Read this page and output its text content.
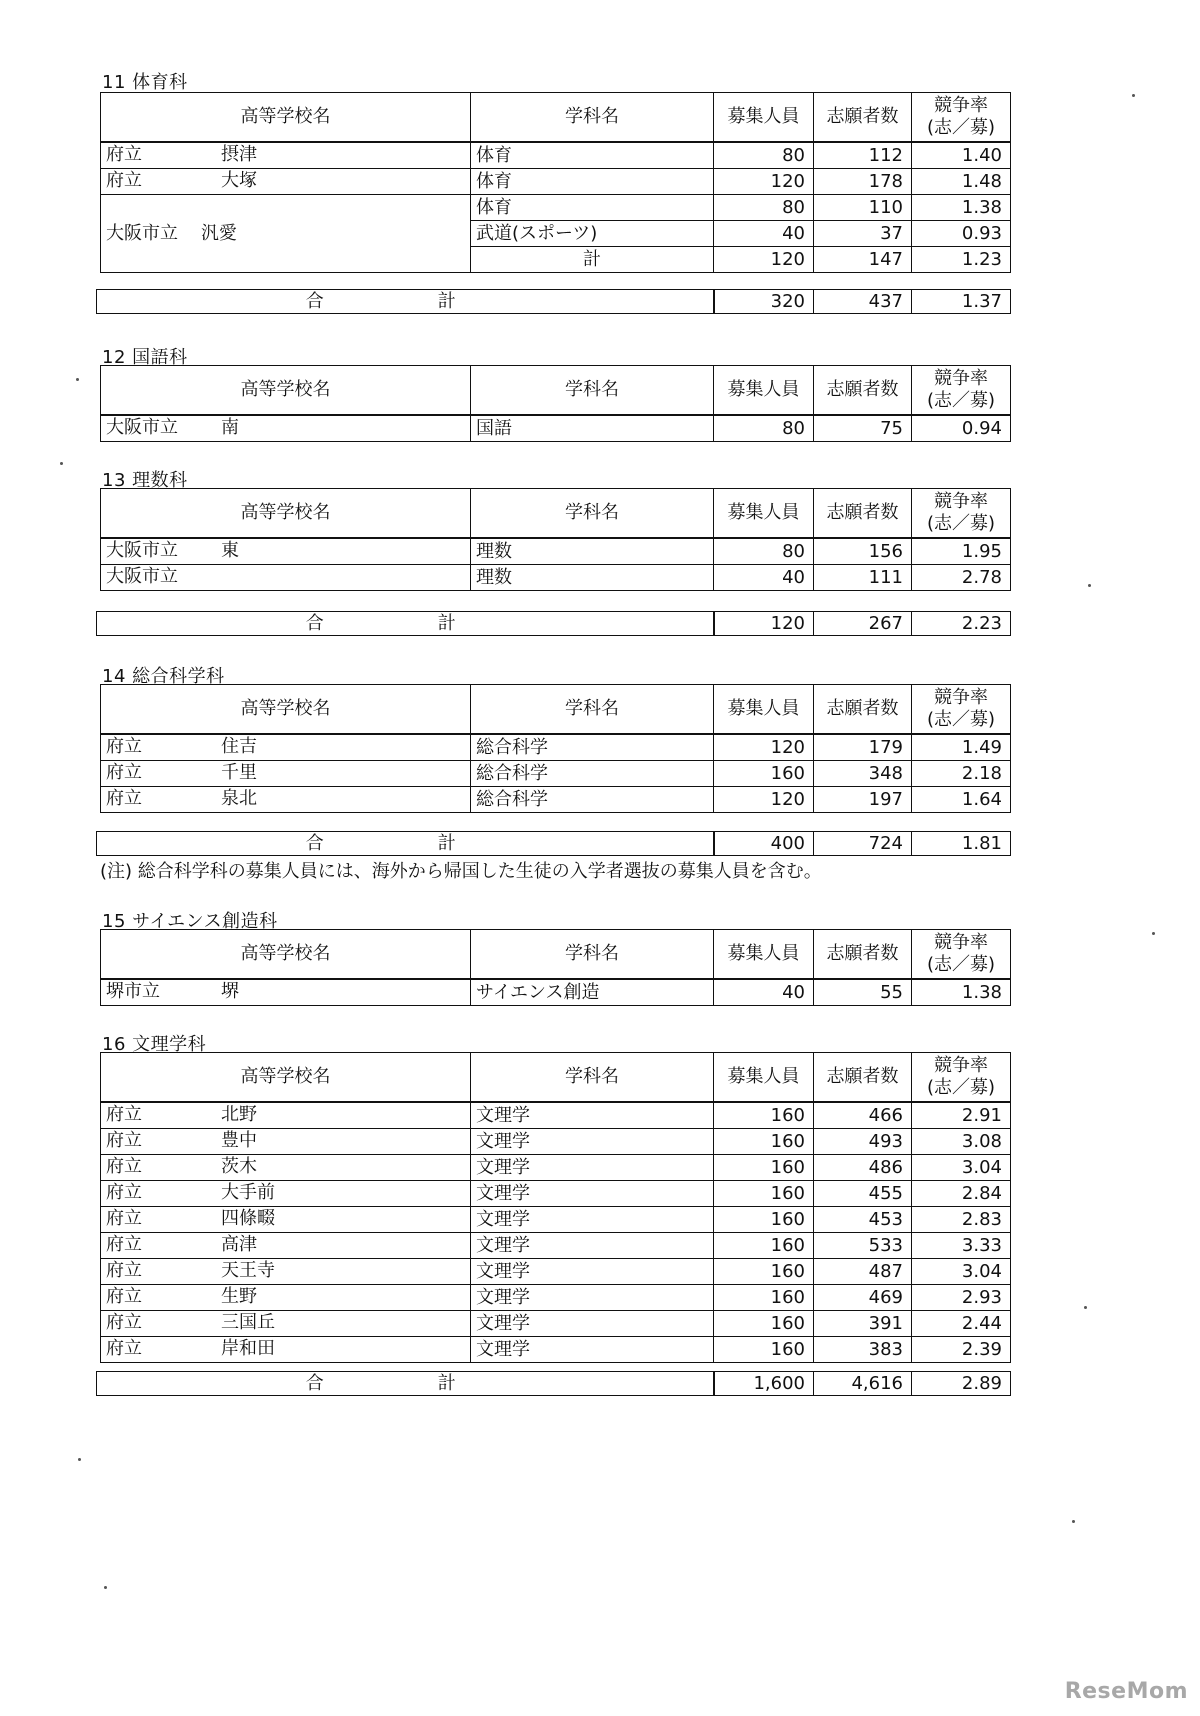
11 体育科
高等学校名	学科名	募集人員	志願者数	競争率
(志／募)

府立 摂津	体育	80	112	1.40

府立 大塚	体育	120	178	1.48
大阪市立 汎愛	体育	80	110	1.38
	武道(スポーツ)	40	37	0.93
	計	120	147	1.23
合　計	320	437	1.37
12 国語科
高等学校名	学科名	募集人員	志願者数	競争率
(志／募)

大阪市立 南	国語	80	75	0.94
13 理数科
高等学校名	学科名	募集人員	志願者数	競争率
(志／募)

大阪市立 東	理数	80	156	1.95

大阪市立	理数	40	111	2.78
合　計	120	267	2.23
14 総合科学科
高等学校名	学科名	募集人員	志願者数	競争率
(志／募)

府立 住吉	総合科学	120	179	1.49

府立 千里	総合科学	160	348	2.18

府立 泉北	総合科学	120	197	1.64
合　計	400	724	1.81
(注) 総合科学科の募集人員には、海外から帰国した生徒の入学者選抜の募集人員を含む。
15 サイエンス創造科
高等学校名	学科名	募集人員	志願者数	競争率
(志／募)

堺市立 堺	サイエンス創造	40	55	1.38
16 文理学科
高等学校名	学科名	募集人員	志願者数	競争率
(志／募)

府立 北野	文理学	160	466	2.91

府立 豊中	文理学	160	493	3.08

府立 茨木	文理学	160	486	3.04

府立 大手前	文理学	160	455	2.84

府立 四條畷	文理学	160	453	2.83

府立 高津	文理学	160	533	3.33

府立 天王寺	文理学	160	487	3.04

府立 生野	文理学	160	469	2.93

府立 三国丘	文理学	160	391	2.44

府立 岸和田	文理学	160	383	2.39
合　計	1,600	4,616	2.89
ReseMom
